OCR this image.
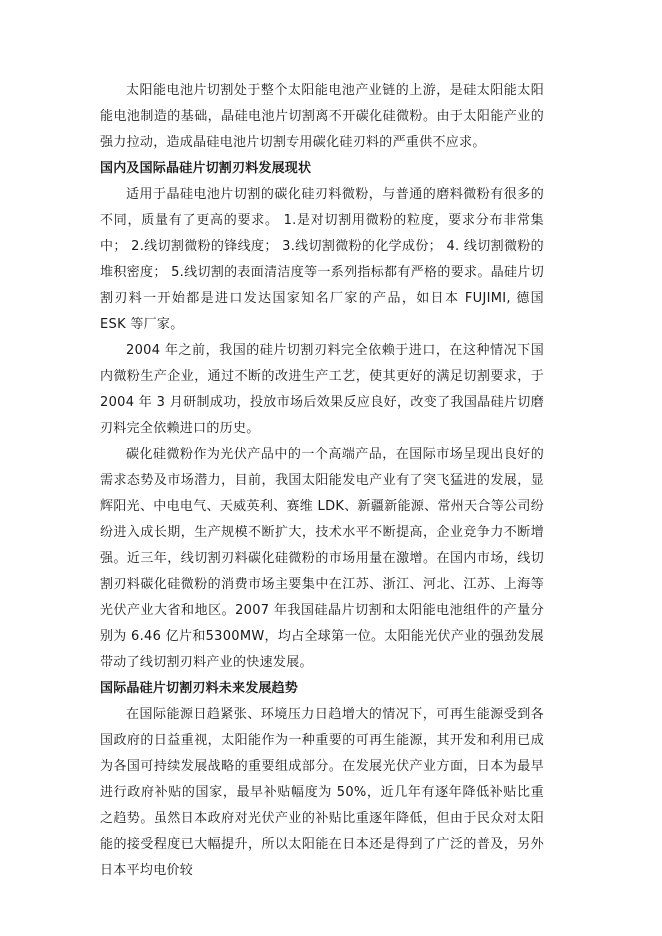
太阳能电池片切割处于整个太阳能电池产业链的上游，是硅太阳能太阳能电池制造的基础，晶硅电池片切割离不开碳化硅微粉。由于太阳能产业的强力拉动，造成晶硅电池片切割专用碳化硅刃料的严重供不应求。

国内及国际晶硅片切割刃料发展现状

适用于晶硅电池片切割的碳化硅刃料微粉，与普通的磨料微粉有很多的不同，质量有了更高的要求。 1.是对切割用微粉的粒度，要求分布非常集中； 2.线切割微粉的锋线度； 3.线切割微粉的化学成份； 4. 线切割微粉的堆积密度； 5.线切割的表面清洁度等一系列指标都有严格的要求。晶硅片切割刃料一开始都是进口发达国家知名厂家的产品，如日本 FUJIMI, 德国 ESK 等厂家。

2004 年之前，我国的硅片切割刃料完全依赖于进口，在这种情况下国内微粉生产企业，通过不断的改进生产工艺，使其更好的满足切割要求，于 2004 年 3 月研制成功，投放市场后效果反应良好，改变了我国晶硅片切磨刃料完全依赖进口的历史。

碳化硅微粉作为光伏产品中的一个高端产品，在国际市场呈现出良好的需求态势及市场潜力，目前，我国太阳能发电产业有了突飞猛进的发展，显辉阳光、中电电气、天威英利、赛维 LDK、新疆新能源、常州天合等公司纷纷进入成长期，生产规模不断扩大，技术水平不断提高，企业竞争力不断增强。近三年，线切割刃料碳化硅微粉的市场用量在激增。在国内市场，线切割刃料碳化硅微粉的消费市场主要集中在江苏、浙江、河北、江苏、上海等光伏产业大省和地区。2007 年我国硅晶片切割和太阳能电池组件的产量分别为 6.46 亿片和5300MW，均占全球第一位。太阳能光伏产业的强劲发展带动了线切割刃料产业的快速发展。

国际晶硅片切割刃料未来发展趋势

在国际能源日趋紧张、环境压力日趋增大的情况下，可再生能源受到各国政府的日益重视，太阳能作为一种重要的可再生能源，其开发和利用已成为各国可持续发展战略的重要组成部分。在发展光伏产业方面，日本为最早进行政府补贴的国家，最早补贴幅度为 50%，近几年有逐年降低补贴比重之趋势。虽然日本政府对光伏产业的补贴比重逐年降低，但由于民众对太阳能的接受程度已大幅提升，所以太阳能在日本还是得到了广泛的普及，另外日本平均电价较
